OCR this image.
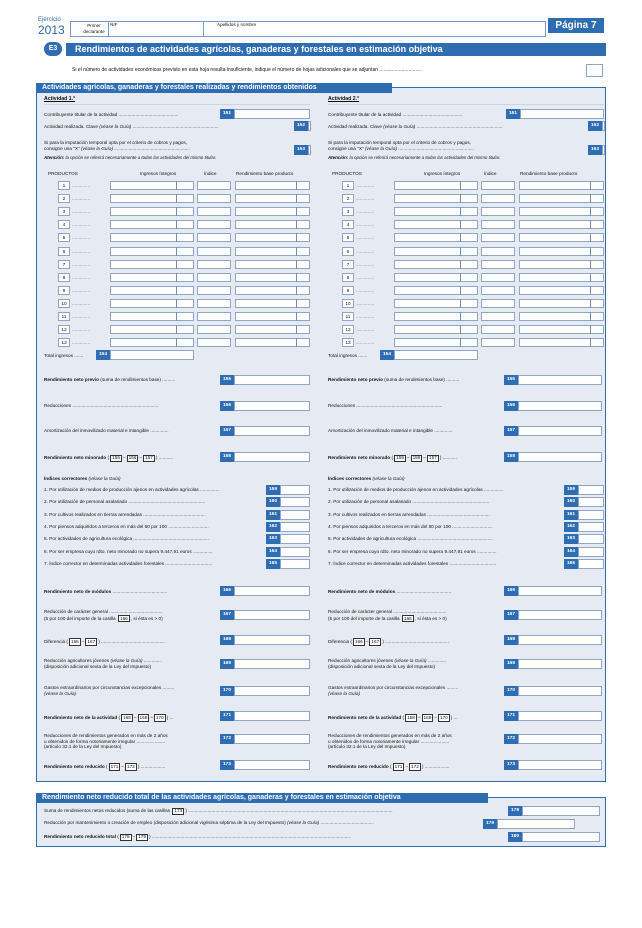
Ejercicio
2013	Primer declarante
NIF	Apellidos y nombre	Página 7
E3	Rendimientos de actividades agrícolas, ganaderas y forestales en estimación objetiva
Si el número de actividades económicas previsto en esta hoja resulta insuficiente, indique el número de hojas adicionales que se adjuntan ..............................
Actividades agrícolas, ganaderas y forestales realizadas y rendimientos obtenidos
Actividad 1.ª
Contribuyente titular de la actividad ..............................................	151
Actividad realizada. Clave (véase la Guía) ..................................................................	152
Si para la imputación temporal opta por el criterio de cobros y pagos,
consigne una "X" (véase la Guía) ..........................................................	153
Atención: la opción se referirá necesariamente a todas las actividades del mismo titular.
PRODUCTOS	Ingresos íntegros	Índice	Rendimiento base producto
1	..............
2	..............
3	..............
4	..............
5	..............
6	..............
7	..............
8	..............
9	..............
10	..............
11	..............
12	..............
13	..............
Total ingresos .......	154
Rendimiento neto previo (suma de rendimientos base) ..........	155
Reducciones ..................................................................	156
Amortización del inmovilizado material e intangible ..............	157
Rendimiento neto minorado ( 155 – 156 – 157 ) ...........	158
Índices correctores (véase la Guía)
1. Por utilización de medios de producción ajenos en actividades agrícolas ...............	159
2. Por utilización de personal asalariado ...........................................................	160
3. Por cultivos realizados en tierras arrendadas ................................................	161
4. Por piensos adquiridos a terceros en más del 50 por 100 ...............................	162
5. Por actividades de agricultura ecológica ..........................................................	163
6. Por ser empresa cuyo rdto. neto minorado no supera 9.447,91 euros ...............	164
7. Índice corrector en determinadas actividades forestales ....................................	165
Rendimiento neto de módulos ..........................................	166
Reducción de carácter general .........................................
(5 por 100 del importe de la casilla 166 , si ésta es > 0)
167
Diferencia ( 166 – 167 ) .................................................	168
Reducción agricultores jóvenes (véase la Guía) ..............
(disposición adicional sexta de la Ley del Impuesto)
169
Gastos extraordinarios por circunstancias excepcionales .........
(véase la Guía)
170
Rendimiento neto de la actividad ( 168 – 169 – 170 ) ...	171
Reducciones de rendimientos generados en más de 2 años
u obtenidos de forma notoriamente irregular ......................
(artículo 32.1 de la Ley del Impuesto)
172
Rendimiento neto reducido ( 171 – 172 ) ...................	173
Actividad 2.ª
Contribuyente titular de la actividad ..............................................	151
Actividad realizada. Clave (véase la Guía) ..................................................................	152
Si para la imputación temporal opta por el criterio de cobros y pagos,
consigne una "X" (véase la Guía) ..........................................................	153
Atención: la opción se referirá necesariamente a todas las actividades del mismo titular.
PRODUCTOS	Ingresos íntegros	Índice	Rendimiento base producto
1	..............
2	..............
3	..............
4	..............
5	..............
6	..............
7	..............
8	..............
9	..............
10	..............
11	..............
12	..............
13	..............
Total ingresos .......	154
Rendimiento neto previo (suma de rendimientos base) ..........	155
Reducciones ..................................................................	156
Amortización del inmovilizado material e intangible ..............	157
Rendimiento neto minorado ( 155 – 156 – 157 ) ...........	158
Índices correctores (véase la Guía)
1. Por utilización de medios de producción ajenos en actividades agrícolas ...............	159
2. Por utilización de personal asalariado ...........................................................	160
3. Por cultivos realizados en tierras arrendadas ................................................	161
4. Por piensos adquiridos a terceros en más del 50 por 100 ...............................	162
5. Por actividades de agricultura ecológica ..........................................................	163
6. Por ser empresa cuyo rdto. neto minorado no supera 9.447,91 euros ...............	164
7. Índice corrector en determinadas actividades forestales ....................................	165
Rendimiento neto de módulos ..........................................	166
Reducción de carácter general .........................................
(5 por 100 del importe de la casilla 166 , si ésta es > 0)
167
Diferencia ( 166 – 167 ) .................................................	168
Reducción agricultores jóvenes (véase la Guía) ..............
(disposición adicional sexta de la Ley del Impuesto)
169
Gastos extraordinarios por circunstancias excepcionales .........
(véase la Guía)
170
Rendimiento neto de la actividad ( 168 – 169 – 170 ) ...	171
Reducciones de rendimientos generados en más de 2 años
u obtenidos de forma notoriamente irregular ......................
(artículo 32.1 de la Ley del Impuesto)
172
Rendimiento neto reducido ( 171 – 172 ) ...................	173
Rendimiento neto reducido total de las actividades agrícolas, ganaderas y forestales en estimación objetiva
Suma de rendimientos netos reducidos (suma de las casillas 173 ) .............................................................................................................................................................	178
Reducción por mantenimiento o creación de empleo (disposición adicional vigésima séptima de la Ley del Impuesto) (véase la Guía) .........................................	179
Rendimiento neto reducido total ( 178 – 179 ) .........................................................................................................................................................	180
